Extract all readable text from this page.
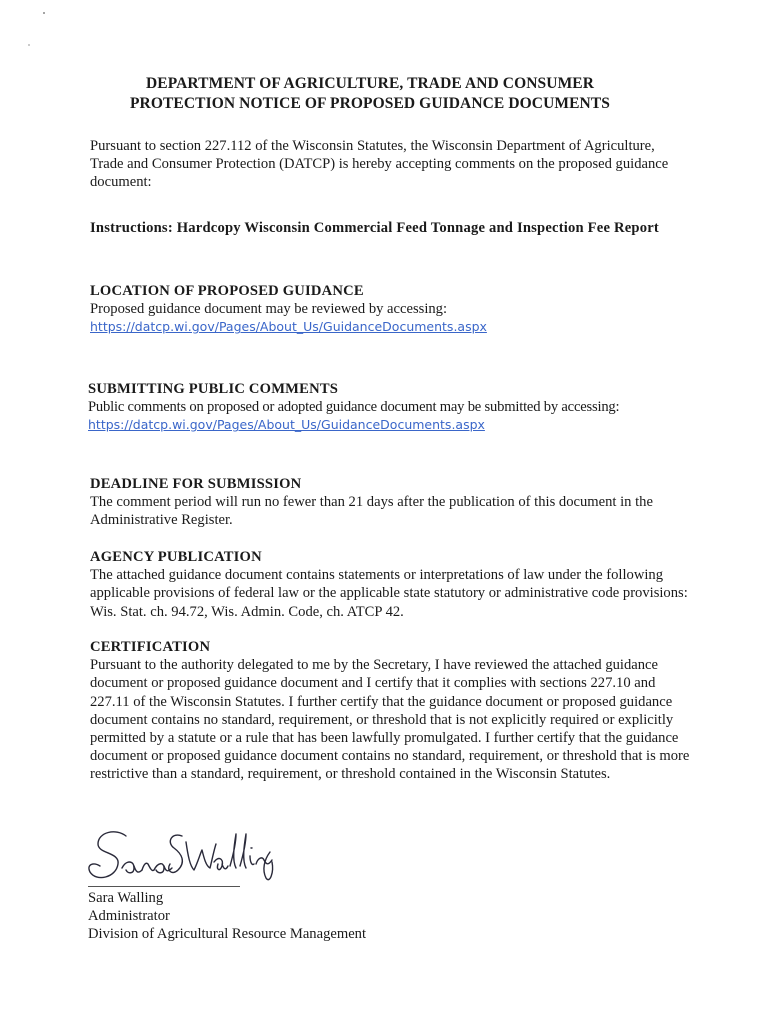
DEPARTMENT OF AGRICULTURE, TRADE AND CONSUMER
PROTECTION NOTICE OF PROPOSED GUIDANCE DOCUMENTS

Pursuant to section 227.112 of the Wisconsin Statutes, the Wisconsin Department of Agriculture, Trade and Consumer Protection (DATCP) is hereby accepting comments on the proposed guidance document:

Instructions: Hardcopy Wisconsin Commercial Feed Tonnage and Inspection Fee Report

LOCATION OF PROPOSED GUIDANCE

Proposed guidance document may be reviewed by accessing:

https://datcp.wi.gov/Pages/About_Us/GuidanceDocuments.aspx

SUBMITTING PUBLIC COMMENTS

Public comments on proposed or adopted guidance document may be submitted by accessing:

https://datcp.wi.gov/Pages/About_Us/GuidanceDocuments.aspx

DEADLINE FOR SUBMISSION

The comment period will run no fewer than 21 days after the publication of this document in the Administrative Register.

AGENCY PUBLICATION

The attached guidance document contains statements or interpretations of law under the following applicable provisions of federal law or the applicable state statutory or administrative code provisions: Wis. Stat. ch. 94.72, Wis. Admin. Code, ch. ATCP 42.

CERTIFICATION

Pursuant to the authority delegated to me by the Secretary, I have reviewed the attached guidance document or proposed guidance document and I certify that it complies with sections 227.10 and 227.11 of the Wisconsin Statutes. I further certify that the guidance document or proposed guidance document contains no standard, requirement, or threshold that is not explicitly required or explicitly permitted by a statute or a rule that has been lawfully promulgated. I further certify that the guidance document or proposed guidance document contains no standard, requirement, or threshold that is more restrictive than a standard, requirement, or threshold contained in the Wisconsin Statutes.

Sara Walling
Administrator
Division of Agricultural Resource Management
